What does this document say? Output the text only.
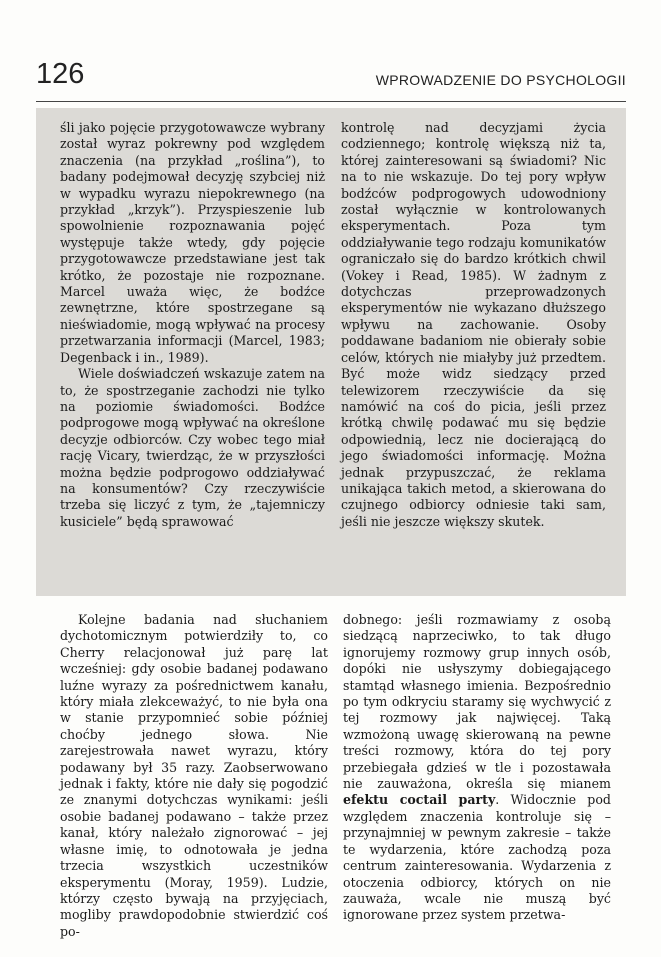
126	WPROWADZENIE DO PSYCHOLOGII

śli jako pojęcie przygotowawcze wybrany został wyraz pokrewny pod względem znaczenia (na przykład „roślina”), to badany podejmował decyzję szybciej niż w wypadku wyrazu niepokrewnego (na przykład „krzyk”). Przyspieszenie lub spowolnienie rozpoznawania pojęć występuje także wtedy, gdy pojęcie przygotowawcze przedstawiane jest tak krótko, że pozostaje nie rozpoznane. Marcel uważa więc, że bodźce zewnętrzne, które spostrzegane są nieświadomie, mogą wpływać na procesy przetwarzania informacji (Marcel, 1983; Degenback i in., 1989).

Wiele doświadczeń wskazuje zatem na to, że spostrzeganie zachodzi nie tylko na poziomie świadomości. Bodźce podprogowe mogą wpływać na określone decyzje odbiorców. Czy wobec tego miał rację Vicary, twierdząc, że w przyszłości można będzie podprogowo oddziaływać na konsumentów? Czy rzeczywiście trzeba się liczyć z tym, że „tajemniczy kusiciele” będą sprawować

kontrolę nad decyzjami życia codziennego; kontrolę większą niż ta, której zainteresowani są świadomi? Nic na to nie wskazuje. Do tej pory wpływ bodźców podprogowych udowodniony został wyłącznie w kontrolowanych eksperymentach. Poza tym oddziaływanie tego rodzaju komunikatów ograniczało się do bardzo krótkich chwil (Vokey i Read, 1985). W żadnym z dotychczas przeprowadzonych eksperymentów nie wykazano dłuższego wpływu na zachowanie. Osoby poddawane badaniom nie obierały sobie celów, których nie miałyby już przedtem. Być może widz siedzący przed telewizorem rzeczywiście da się namówić na coś do picia, jeśli przez krótką chwilę podawać mu się będzie odpowiednią, lecz nie docierającą do jego świadomości informację. Można jednak przypuszczać, że reklama unikająca takich metod, a skierowana do czujnego odbiorcy odniesie taki sam, jeśli nie jeszcze większy skutek.

Kolejne badania nad słuchaniem dychotomicznym potwierdziły to, co Cherry relacjonował już parę lat wcześniej: gdy osobie badanej podawano luźne wyrazy za pośrednictwem kanału, który miała zlekceważyć, to nie była ona w stanie przypomnieć sobie później choćby jednego słowa. Nie zarejestrowała nawet wyrazu, który podawany był 35 razy. Zaobserwowano jednak i fakty, które nie dały się pogodzić ze znanymi dotychczas wynikami: jeśli osobie badanej podawano – także przez kanał, który należało zignorować – jej własne imię, to odnotowała je jedna trzecia wszystkich uczestników eksperymentu (Moray, 1959). Ludzie, którzy często bywają na przyjęciach, mogliby prawdopodobnie stwierdzić coś po-

dobnego: jeśli rozmawiamy z osobą siedzącą naprzeciwko, to tak długo ignorujemy rozmowy grup innych osób, dopóki nie usłyszymy dobiegającego stamtąd własnego imienia. Bezpośrednio po tym odkryciu staramy się wychwycić z tej rozmowy jak najwięcej. Taką wzmożoną uwagę skierowaną na pewne treści rozmowy, która do tej pory przebiegała gdzieś w tle i pozostawała nie zauważona, określa się mianem efektu coctail party. Widocznie pod względem znaczenia kontroluje się – przynajmniej w pewnym zakresie – także te wydarzenia, które zachodzą poza centrum zainteresowania. Wydarzenia z otoczenia odbiorcy, których on nie zauważa, wcale nie muszą być ignorowane przez system przetwa-
